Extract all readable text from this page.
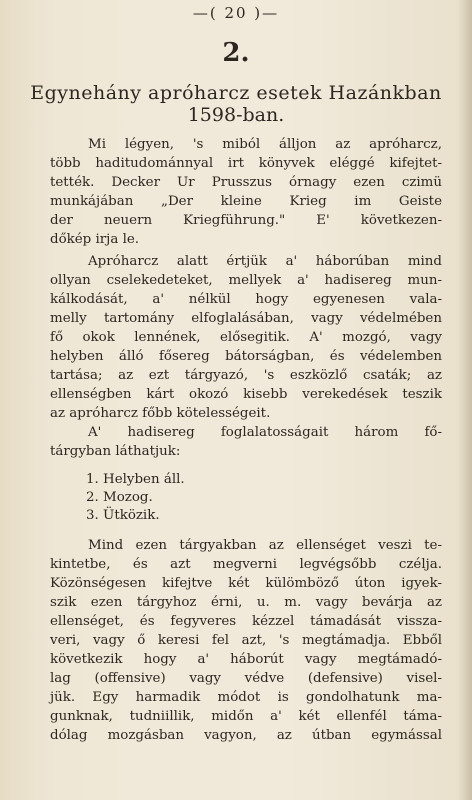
—( 20 )—
2.
Egynehány apróharcz esetek Hazánkban
1598-ban.
Mi légyen, 's miból álljon az apróharcz,
több haditudománnyal irt könyvek eléggé kifejtet-
tették. Decker Ur Prusszus órnagy ezen czimü
munkájában „Der kleine Krieg im Geiste
der neuern Kriegführung." E' következen-
dőkép irja le.
Apróharcz alatt értjük a' háborúban mind
ollyan cselekedeteket, mellyek a' hadisereg mun-
kálkodását, a' nélkül hogy egyenesen vala-
melly tartomány elfoglalásában, vagy védelmében
fő okok lennének, elősegitik. A' mozgó, vagy
helyben álló fősereg bátorságban, és védelemben
tartása; az ezt tárgyazó, 's eszközlő csaták; az
ellenségben kárt okozó kisebb verekedések teszik
az apróharcz főbb kötelességeit.
A' hadisereg foglalatosságait három fő-
tárgyban láthatjuk:
1. Helyben áll.
2. Mozog.
3. Ütközik.
Mind ezen tárgyakban az ellenséget veszi te-
kintetbe, és azt megverni legvégsőbb czélja.
Közönségesen kifejtve két külömböző úton igyek-
szik ezen tárgyhoz érni, u. m. vagy bevárja az
ellenséget, és fegyveres kézzel támadását vissza-
veri, vagy ő keresi fel azt, 's megtámadja. Ebből
következik hogy a' háborút vagy megtámadó-
lag (offensive) vagy védve (defensive) visel-
jük. Egy harmadik módot is gondolhatunk ma-
gunknak, tudniillik, midőn a' két ellenfél táma-
dólag mozgásban vagyon, az útban egymással
